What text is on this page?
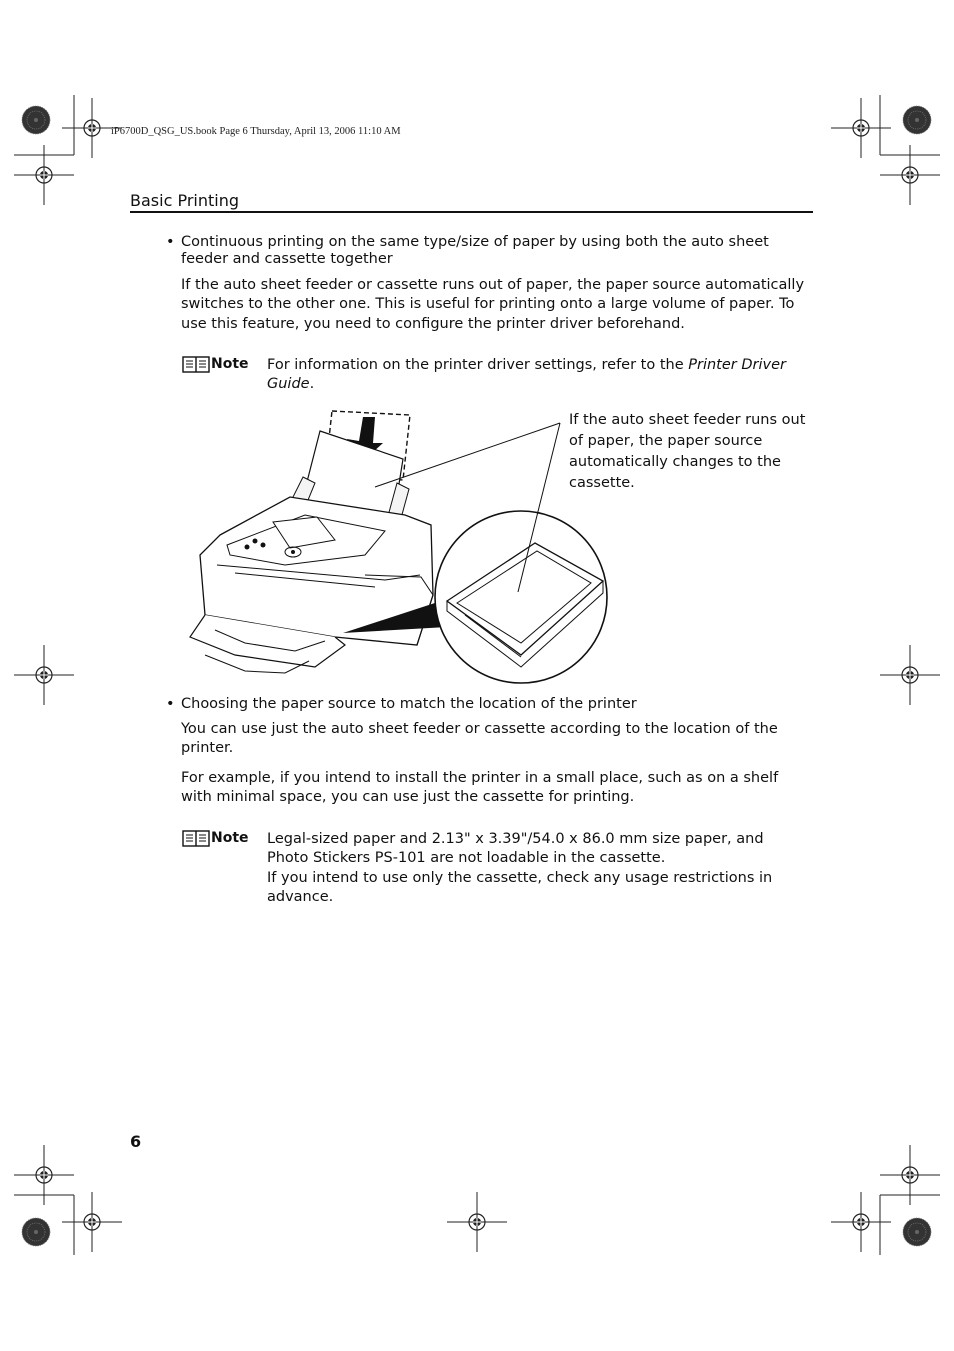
iP6700D_QSG_US.book Page 6 Thursday, April 13, 2006 11:10 AM
Basic Printing
• Continuous printing on the same type/size of paper by using both the auto sheet feeder and cassette together
If the auto sheet feeder or cassette runs out of paper, the paper source automatically switches to the other one. This is useful for printing onto a large volume of paper. To use this feature, you need to configure the printer driver beforehand.
Note For information on the printer driver settings, refer to the Printer Driver Guide.
If the auto sheet feeder runs out of paper, the paper source automatically changes to the cassette.
• Choosing the paper source to match the location of the printer
You can use just the auto sheet feeder or cassette according to the location of the printer.
For example, if you intend to install the printer in a small place, such as on a shelf with minimal space, you can use just the cassette for printing.
Note Legal-sized paper and 2.13" x 3.39"/54.0 x 86.0 mm size paper, and Photo Stickers PS-101 are not loadable in the cassette.
If you intend to use only the cassette, check any usage restrictions in advance.
6
